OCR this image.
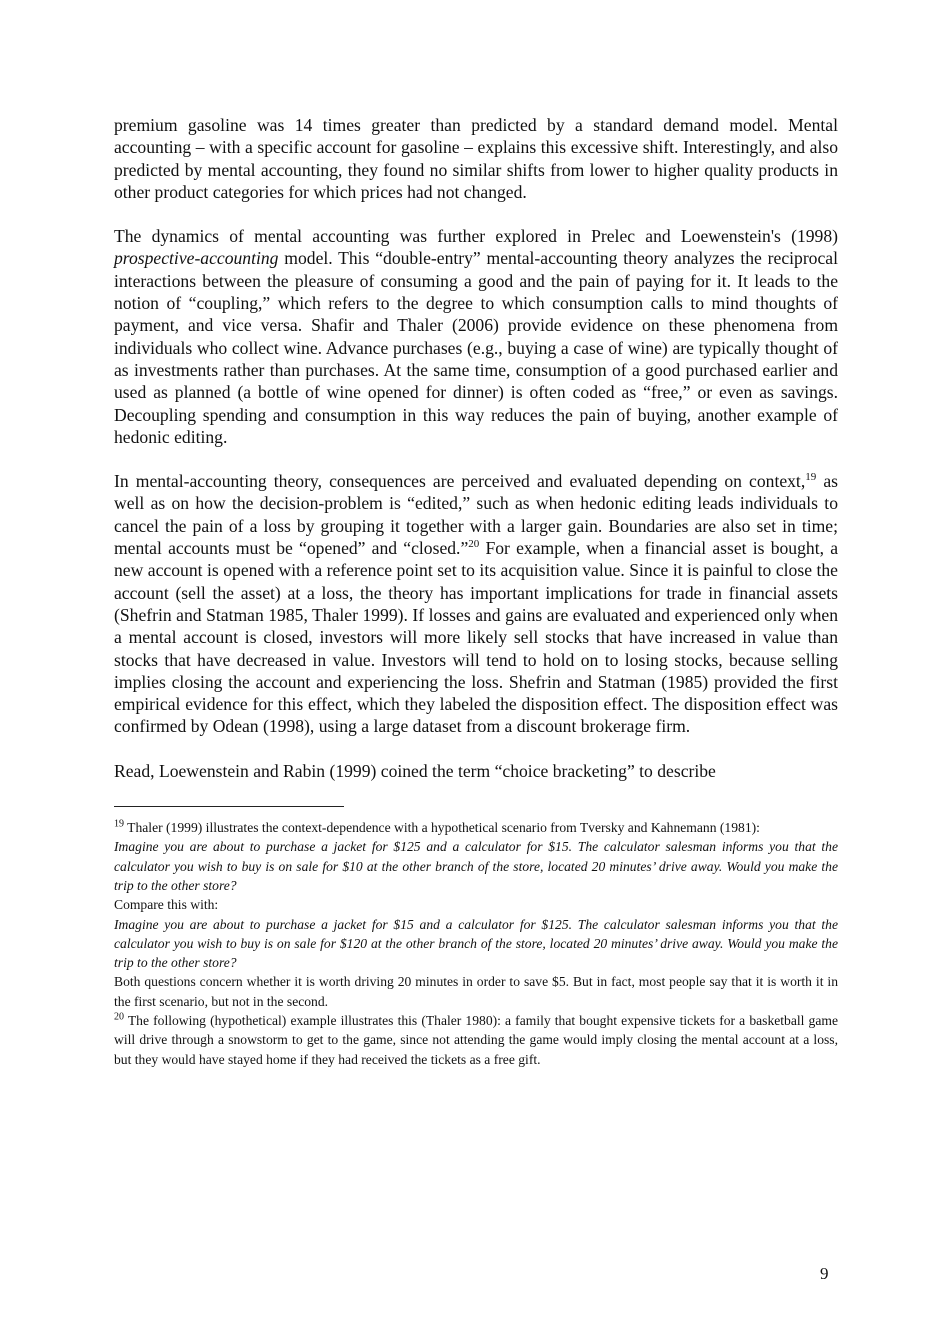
premium gasoline was 14 times greater than predicted by a standard demand model. Mental accounting – with a specific account for gasoline – explains this excessive shift. Interestingly, and also predicted by mental accounting, they found no similar shifts from lower to higher quality products in other product categories for which prices had not changed.

The dynamics of mental accounting was further explored in Prelec and Loewenstein's (1998) prospective-accounting model. This “double-entry” mental-accounting theory analyzes the reciprocal interactions between the pleasure of consuming a good and the pain of paying for it. It leads to the notion of “coupling,” which refers to the degree to which consumption calls to mind thoughts of payment, and vice versa. Shafir and Thaler (2006) provide evidence on these phenomena from individuals who collect wine. Advance purchases (e.g., buying a case of wine) are typically thought of as investments rather than purchases. At the same time, consumption of a good purchased earlier and used as planned (a bottle of wine opened for dinner) is often coded as “free,” or even as savings. Decoupling spending and consumption in this way reduces the pain of buying, another example of hedonic editing.

In mental-accounting theory, consequences are perceived and evaluated depending on context,$^{19}$ as well as on how the decision-problem is “edited,” such as when hedonic editing leads individuals to cancel the pain of a loss by grouping it together with a larger gain. Boundaries are also set in time; mental accounts must be “opened” and “closed.”$^{20}$ For example, when a financial asset is bought, a new account is opened with a reference point set to its acquisition value. Since it is painful to close the account (sell the asset) at a loss, the theory has important implications for trade in financial assets (Shefrin and Statman 1985, Thaler 1999). If losses and gains are evaluated and experienced only when a mental account is closed, investors will more likely sell stocks that have increased in value than stocks that have decreased in value. Investors will tend to hold on to losing stocks, because selling implies closing the account and experiencing the loss. Shefrin and Statman (1985) provided the first empirical evidence for this effect, which they labeled the disposition effect. The disposition effect was confirmed by Odean (1998), using a large dataset from a discount brokerage firm.

Read, Loewenstein and Rabin (1999) coined the term “choice bracketing” to describe

$^{19}$ Thaler (1999) illustrates the context-dependence with a hypothetical scenario from Tversky and Kahnemann (1981):

Imagine you are about to purchase a jacket for $125 and a calculator for $15. The calculator salesman informs you that the calculator you wish to buy is on sale for $10 at the other branch of the store, located 20 minutes’ drive away. Would you make the trip to the other store?

Compare this with:

Imagine you are about to purchase a jacket for $15 and a calculator for $125. The calculator salesman informs you that the calculator you wish to buy is on sale for $120 at the other branch of the store, located 20 minutes’ drive away. Would you make the trip to the other store?

Both questions concern whether it is worth driving 20 minutes in order to save $5. But in fact, most people say that it is worth it in the first scenario, but not in the second.

$^{20}$ The following (hypothetical) example illustrates this (Thaler 1980): a family that bought expensive tickets for a basketball game will drive through a snowstorm to get to the game, since not attending the game would imply closing the mental account at a loss, but they would have stayed home if they had received the tickets as a free gift.

9
